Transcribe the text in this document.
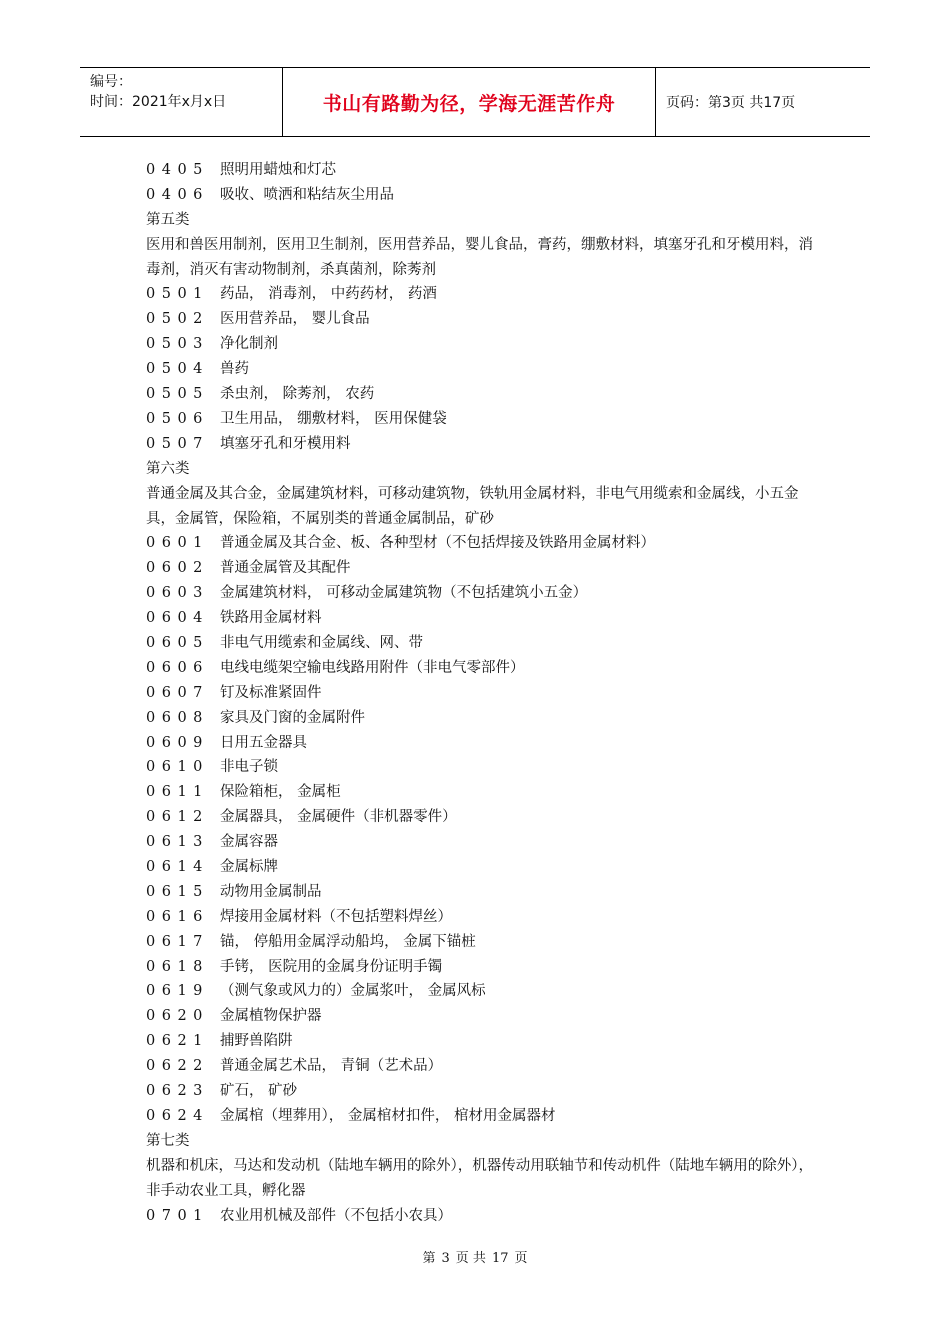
编号：
时间：2021年x月x日	书山有路勤为径，学海无涯苦作舟	页码：第3页 共17页
0405 照明用蜡烛和灯芯
0406 吸收、喷洒和粘结灰尘用品
第五类
医用和兽医用制剂，医用卫生制剂，医用营养品，婴儿食品，膏药，绷敷材料，填塞牙孔和牙模用料，消毒剂，消灭有害动物制剂，杀真菌剂，除莠剂
0501 药品， 消毒剂， 中药药材， 药酒
0502 医用营养品， 婴儿食品
0503 净化制剂
0504 兽药
0505 杀虫剂， 除莠剂， 农药
0506 卫生用品， 绷敷材料， 医用保健袋
0507 填塞牙孔和牙模用料
第六类
普通金属及其合金，金属建筑材料，可移动建筑物，铁轨用金属材料，非电气用缆索和金属线，小五金具，金属管，保险箱，不属别类的普通金属制品，矿砂
0601 普通金属及其合金、板、各种型材（不包括焊接及铁路用金属材料）
0602 普通金属管及其配件
0603 金属建筑材料， 可移动金属建筑物（不包括建筑小五金）
0604 铁路用金属材料
0605 非电气用缆索和金属线、网、带
0606 电线电缆架空输电线路用附件（非电气零部件）
0607 钉及标准紧固件
0608 家具及门窗的金属附件
0609 日用五金器具
0610 非电子锁
0611 保险箱柜， 金属柜
0612 金属器具， 金属硬件（非机器零件）
0613 金属容器
0614 金属标牌
0615 动物用金属制品
0616 焊接用金属材料（不包括塑料焊丝）
0617 锚， 停船用金属浮动船坞， 金属下锚桩
0618 手铐， 医院用的金属身份证明手镯
0619 （测气象或风力的）金属浆叶， 金属风标
0620 金属植物保护器
0621 捕野兽陷阱
0622 普通金属艺术品， 青铜（艺术品）
0623 矿石， 矿砂
0624 金属棺（埋葬用）， 金属棺材扣件， 棺材用金属器材
第七类
机器和机床，马达和发动机（陆地车辆用的除外），机器传动用联轴节和传动机件（陆地车辆用的除外），非手动农业工具，孵化器
0701 农业用机械及部件（不包括小农具）
第 3 页 共 17 页
